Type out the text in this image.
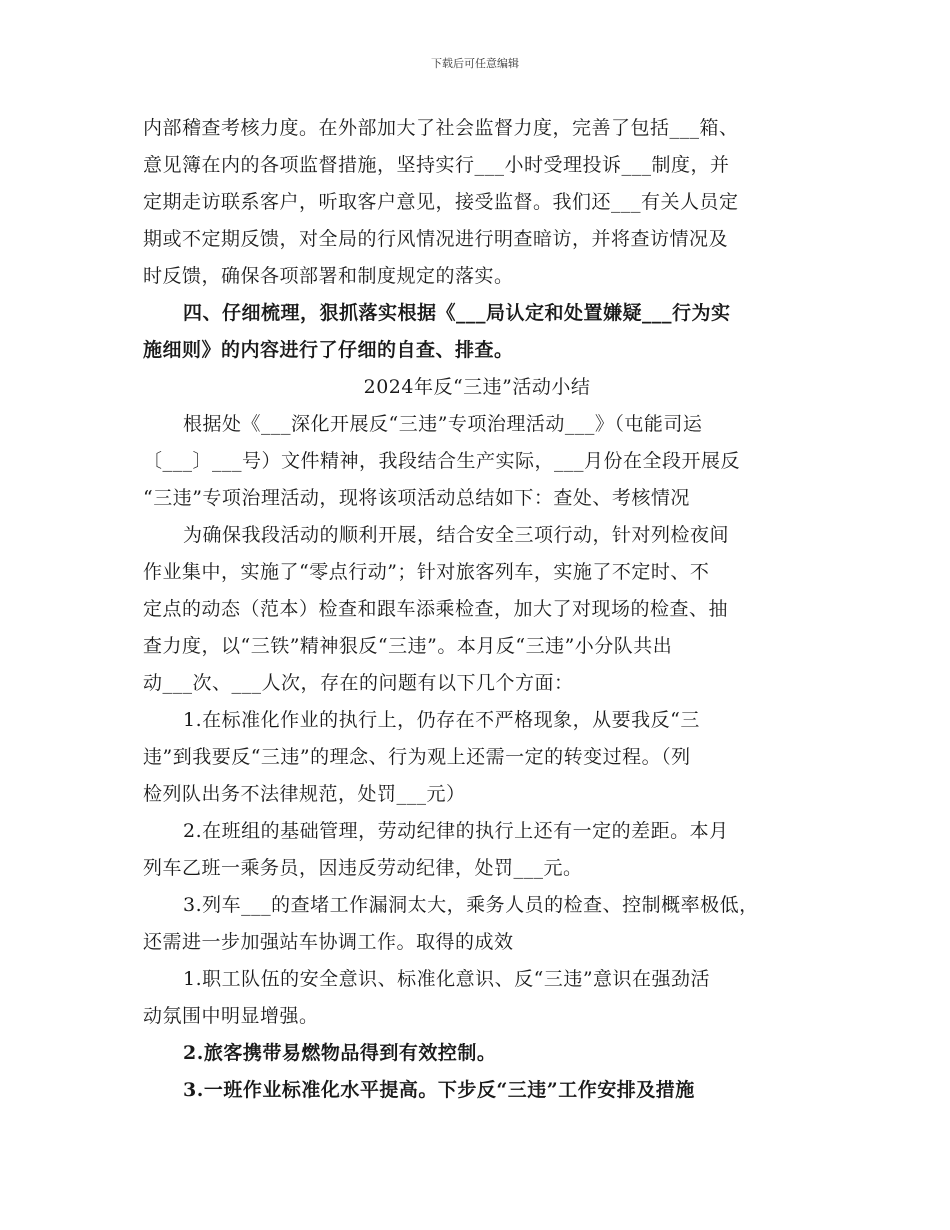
下载后可任意编辑
内部稽查考核力度。在外部加大了社会监督力度，完善了包括___箱、
意见簿在内的各项监督措施，坚持实行___小时受理投诉___制度，并
定期走访联系客户，听取客户意见，接受监督。我们还___有关人员定
期或不定期反馈，对全局的行风情况进行明查暗访，并将查访情况及
时反馈，确保各项部署和制度规定的落实。
四、仔细梳理，狠抓落实根据《___局认定和处置嫌疑___行为实
施细则》的内容进行了仔细的自查、排查。
2024年反“三违”活动小结
根据处《___深化开展反“三违”专项治理活动___》（屯能司运
〔___〕___号）文件精神，我段结合生产实际，___月份在全段开展反
“三违”专项治理活动，现将该项活动总结如下：查处、考核情况
为确保我段活动的顺利开展，结合安全三项行动，针对列检夜间
作业集中，实施了“零点行动”；针对旅客列车，实施了不定时、不
定点的动态（范本）检查和跟车添乘检查，加大了对现场的检查、抽
查力度，以“三铁”精神狠反“三违”。本月反“三违”小分队共出
动___次、___人次，存在的问题有以下几个方面：
1.在标准化作业的执行上，仍存在不严格现象，从要我反“三
违”到我要反“三违”的理念、行为观上还需一定的转变过程。（列
检列队出务不法律规范，处罚___元）
2.在班组的基础管理，劳动纪律的执行上还有一定的差距。本月
列车乙班一乘务员，因违反劳动纪律，处罚___元。
3.列车___的查堵工作漏洞太大，乘务人员的检查、控制概率极低，
还需进一步加强站车协调工作。取得的成效
1.职工队伍的安全意识、标准化意识、反“三违”意识在强劲活
动氛围中明显增强。
2.旅客携带易燃物品得到有效控制。
3.一班作业标准化水平提高。下步反“三违”工作安排及措施
